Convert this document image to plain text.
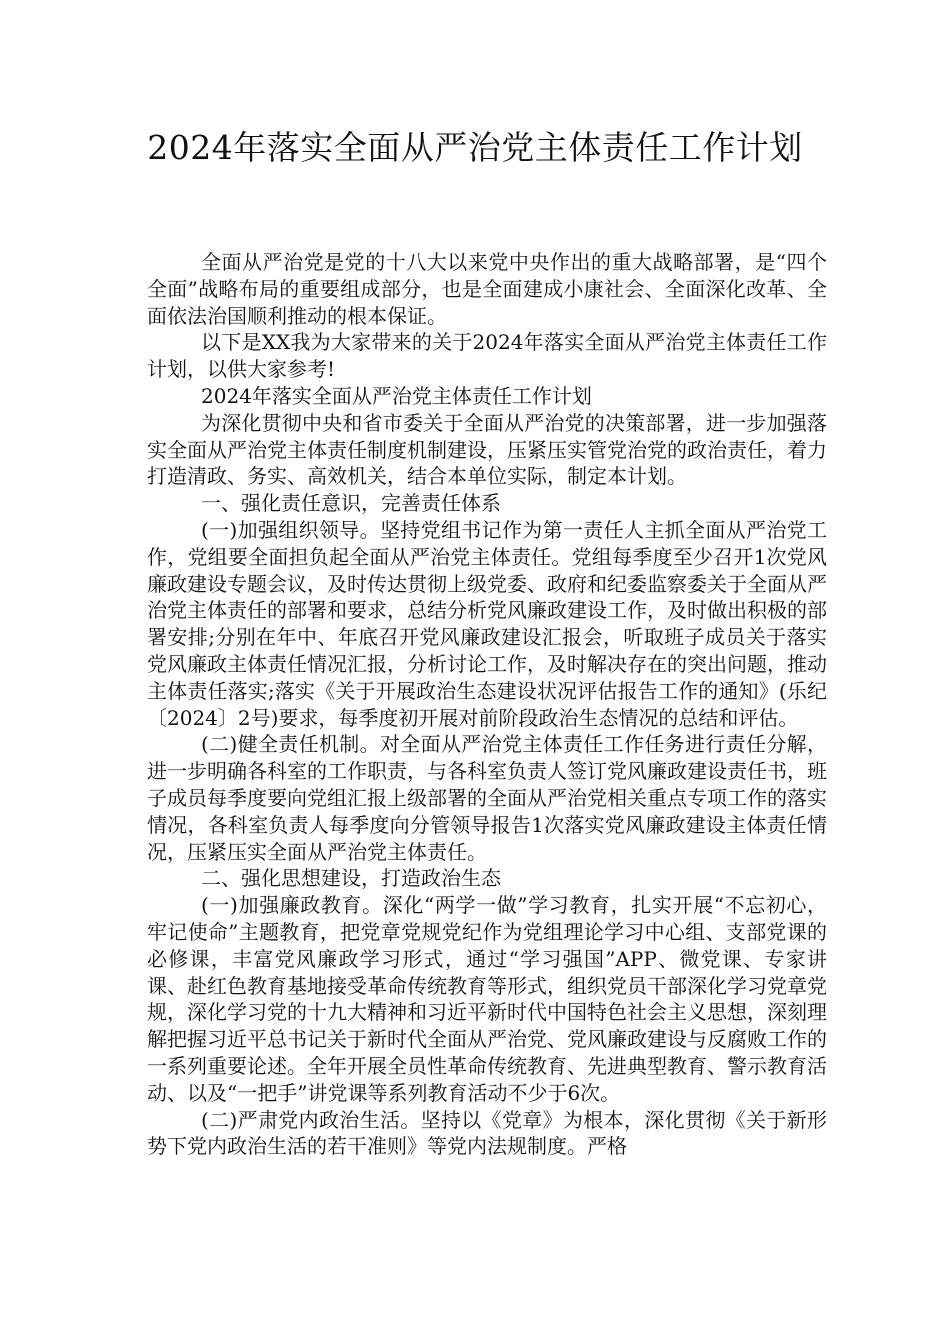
2024年落实全面从严治党主体责任工作计划

全面从严治党是党的十八大以来党中央作出的重大战略部署，是“四个全面”战略布局的重要组成部分，也是全面建成小康社会、全面深化改革、全面依法治国顺利推动的根本保证。

以下是XX我为大家带来的关于2024年落实全面从严治党主体责任工作计划，以供大家参考!

2024年落实全面从严治党主体责任工作计划

为深化贯彻中央和省市委关于全面从严治党的决策部署，进一步加强落实全面从严治党主体责任制度机制建设，压紧压实管党治党的政治责任，着力打造清政、务实、高效机关，结合本单位实际，制定本计划。

一、强化责任意识，完善责任体系

(一)加强组织领导。坚持党组书记作为第一责任人主抓全面从严治党工作，党组要全面担负起全面从严治党主体责任。党组每季度至少召开1次党风廉政建设专题会议，及时传达贯彻上级党委、政府和纪委监察委关于全面从严治党主体责任的部署和要求，总结分析党风廉政建设工作，及时做出积极的部署安排;分别在年中、年底召开党风廉政建设汇报会，听取班子成员关于落实党风廉政主体责任情况汇报，分析讨论工作，及时解决存在的突出问题，推动主体责任落实;落实《关于开展政治生态建设状况评估报告工作的通知》(乐纪〔2024〕2号)要求，每季度初开展对前阶段政治生态情况的总结和评估。

(二)健全责任机制。对全面从严治党主体责任工作任务进行责任分解，进一步明确各科室的工作职责，与各科室负责人签订党风廉政建设责任书，班子成员每季度要向党组汇报上级部署的全面从严治党相关重点专项工作的落实情况，各科室负责人每季度向分管领导报告1次落实党风廉政建设主体责任情况，压紧压实全面从严治党主体责任。

二、强化思想建设，打造政治生态

(一)加强廉政教育。深化“两学一做”学习教育，扎实开展“不忘初心，牢记使命”主题教育，把党章党规党纪作为党组理论学习中心组、支部党课的必修课，丰富党风廉政学习形式，通过“学习强国”APP、微党课、专家讲课、赴红色教育基地接受革命传统教育等形式，组织党员干部深化学习党章党规，深化学习党的十九大精神和习近平新时代中国特色社会主义思想，深刻理解把握习近平总书记关于新时代全面从严治党、党风廉政建设与反腐败工作的一系列重要论述。全年开展全员性革命传统教育、先进典型教育、警示教育活动、以及“一把手”讲党课等系列教育活动不少于6次。

(二)严肃党内政治生活。坚持以《党章》为根本，深化贯彻《关于新形势下党内政治生活的若干准则》等党内法规制度。严格
